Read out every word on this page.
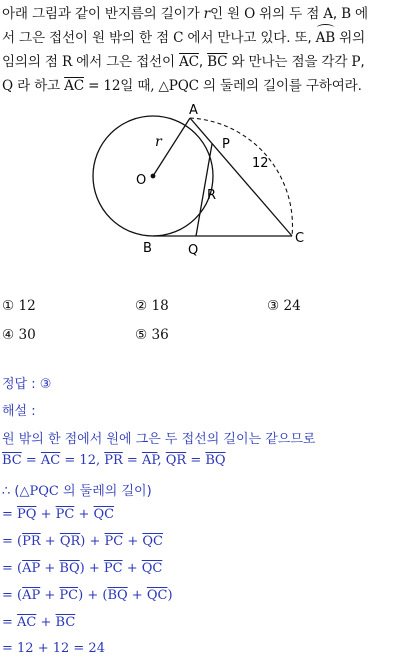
아래 그림과 같이 반지름의 길이가 r인 원 O 위의 두 점 A, B 에
서 그은 접선이 원 밖의 한 점 C 에서 만나고 있다. 또, AB 위의
임의의 점 R 에서 그은 접선이 $\overline{AC}$, $\overline{BC}$ 와 만나는 점을 각각 P,
Q 라 하고 $\overline{AC} = 12$일 때, △PQC 의 둘레의 길이를 구하여라.
A
B
C
O
P
Q
R
r
12
① 12	② 18	③ 24
④ 30	⑤ 36
정답 : ③
해설 :
원 밖의 한 점에서 원에 그은 두 접선의 길이는 같으므로
$\overline{BC} = \overline{AC} = 12$, $\overline{PR} = \overline{AP}$, $\overline{QR} = \overline{BQ}$
∴ (△PQC 의 둘레의 길이)
= $\overline{PQ} + \overline{PC} + \overline{QC}$
= $(\overline{PR} + \overline{QR}) + \overline{PC} + \overline{QC}$
= $(\overline{AP} + \overline{BQ}) + \overline{PC} + \overline{QC}$
= $(\overline{AP} + \overline{PC}) + (\overline{BQ} + \overline{QC})$
= $\overline{AC} + \overline{BC}$
= 12 + 12 = 24
